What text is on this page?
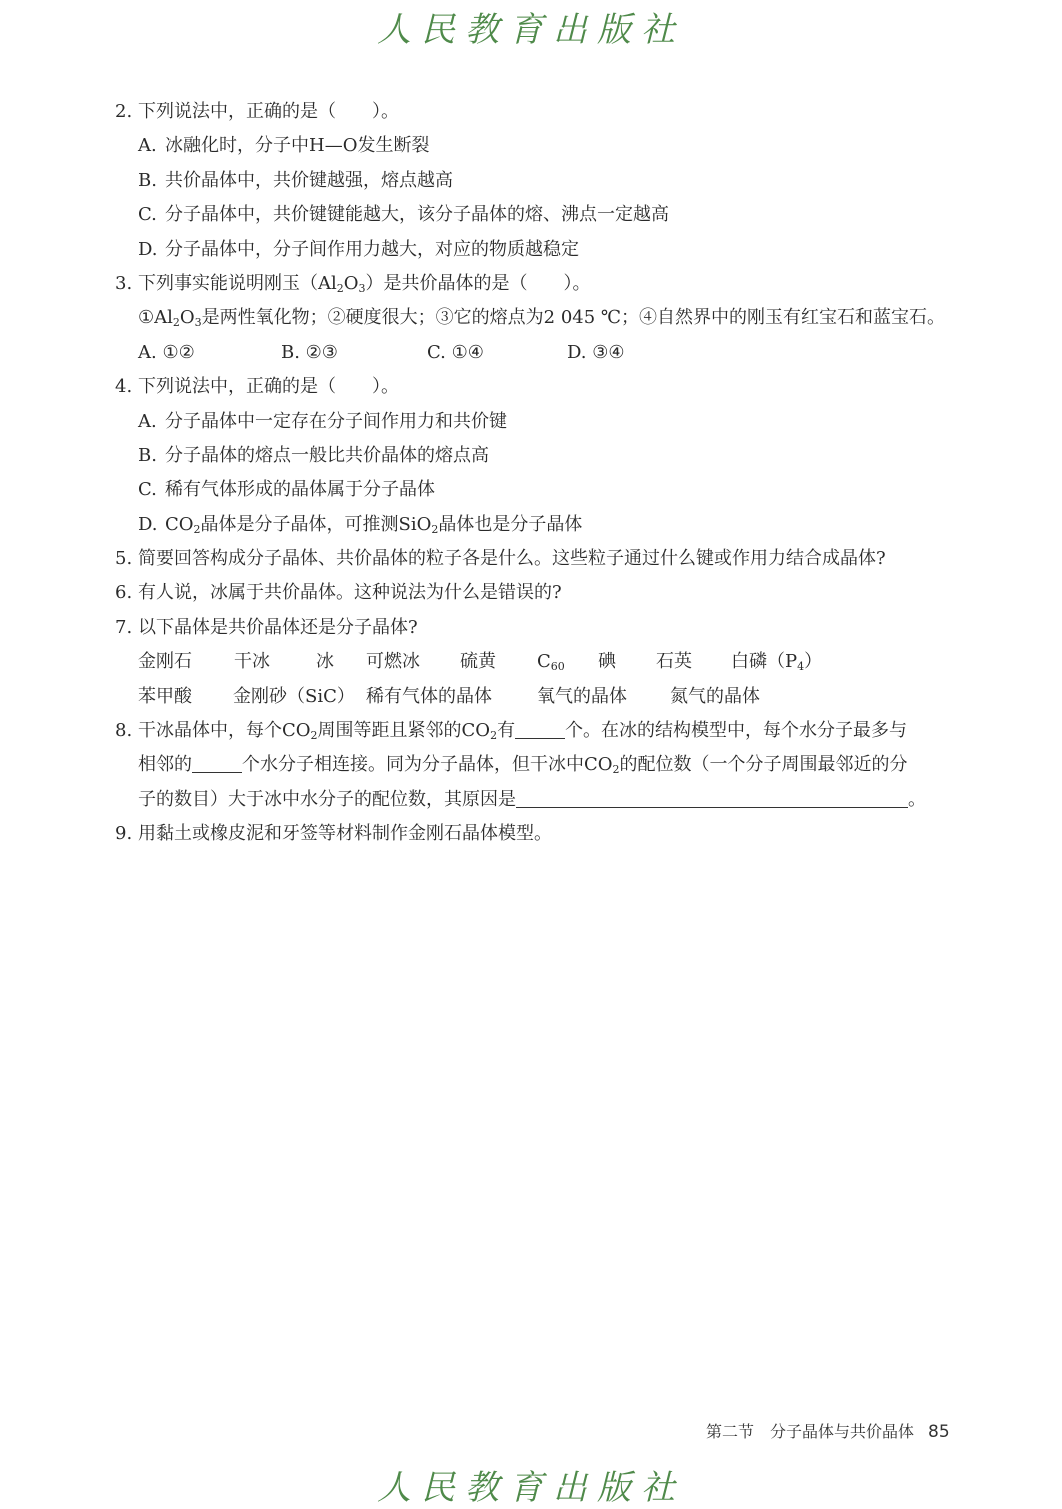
人民教育出版社
2. 下列说法中，正确的是（　　）。
A. 冰融化时，分子中H—O发生断裂
B. 共价晶体中，共价键越强，熔点越高
C. 分子晶体中，共价键键能越大，该分子晶体的熔、沸点一定越高
D. 分子晶体中，分子间作用力越大，对应的物质越稳定
3. 下列事实能说明刚玉$(Al_2O_3)$是共价晶体的是（　　）。
$①Al_2O_3$是两性氧化物；②硬度很大；③它的熔点为2 045 ℃；④自然界中的刚玉有红宝石和蓝宝石。
A. ①②	B. ②③	C. ①④	D. ③④
4. 下列说法中，正确的是（　　）。
A. 分子晶体中一定存在分子间作用力和共价键
B. 分子晶体的熔点一般比共价晶体的熔点高
C. 稀有气体形成的晶体属于分子晶体
D. $CO_2$晶体是分子晶体，可推测SiO$_2$晶体也是分子晶体
5. 简要回答构成分子晶体、共价晶体的粒子各是什么。这些粒子通过什么键或作用力结合成晶体?
6. 有人说，冰属于共价晶体。这种说法为什么是错误的?
7. 以下晶体是共价晶体还是分子晶体?
金刚石	干冰	冰	可燃冰	硫黄	$C_{60}$	碘	石英	白磷$(P_4)$
苯甲酸	金刚砂（SiC） 稀有气体的晶体	氧气的晶体	氮气的晶体
8. 干冰晶体中，每个$CO_2$周围等距且紧邻的$CO_2$有	个。在冰的结构模型中，每个水分子最多与
相邻的	个水分子相连接。同为分子晶体，但干冰中$CO_2$的配位数（一个分子周围最邻近的分
子的数目）大于冰中水分子的配位数，其原因是	。
9. 用黏土或橡皮泥和牙签等材料制作金刚石晶体模型。
第二节　分子晶体与共价晶体 85
人民教育出版社
